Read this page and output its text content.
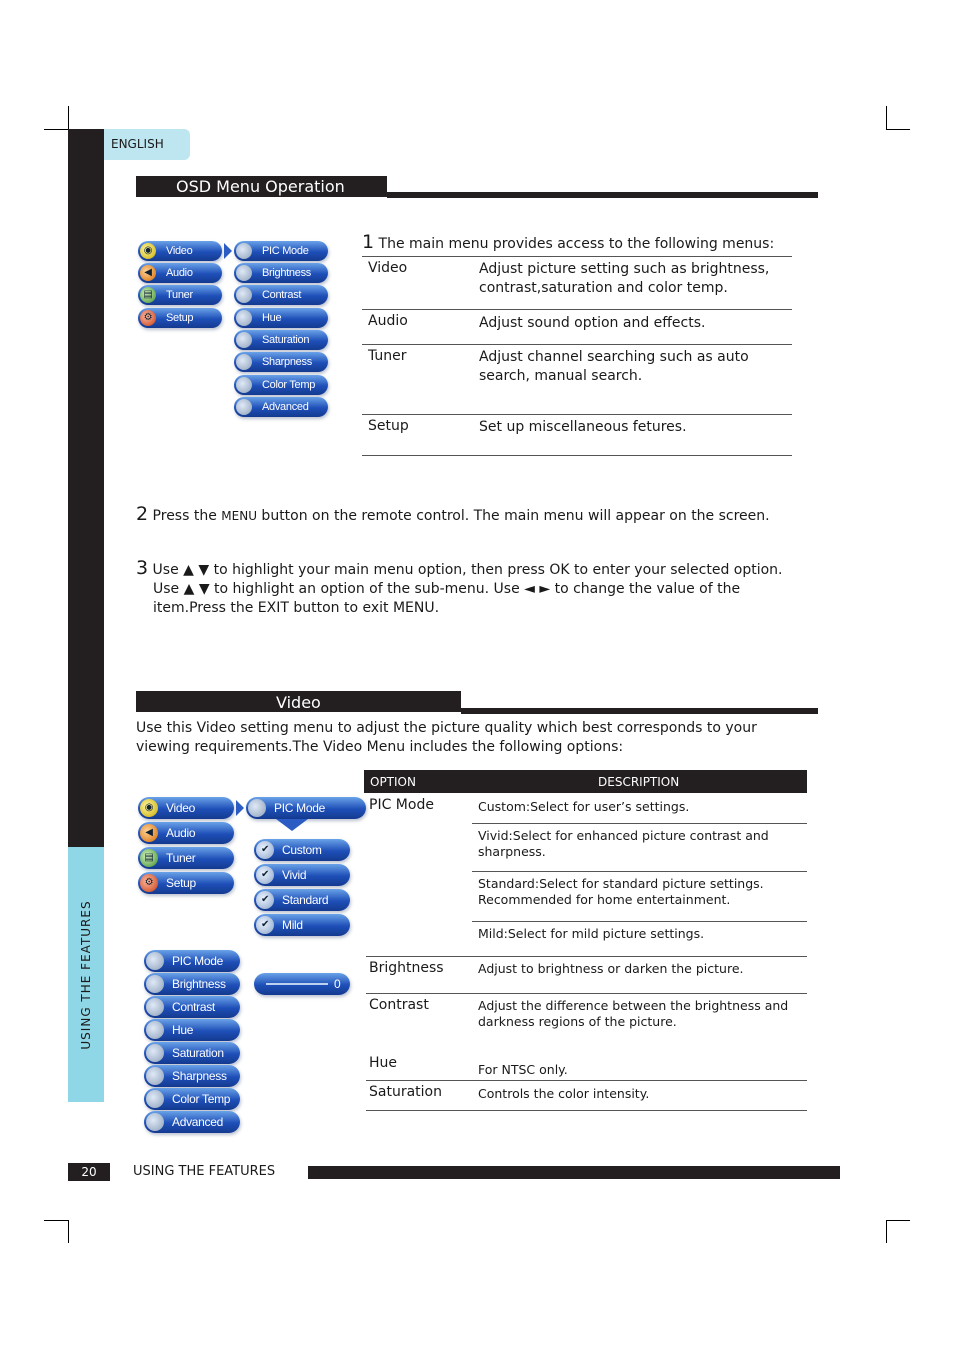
USING THE FEATURES
ENGLISH
OSD Menu Operation
◉	Video
◀	Audio
▤	Tuner
⚙	Setup
PIC Mode
Brightness
Contrast
Hue
Saturation
Sharpness
Color Temp
Advanced
1 The main menu provides access to the following menus:
Video	Adjust picture setting such as brightness, contrast,saturation and color temp.
Audio	Adjust sound option and effects.
Tuner	Adjust channel searching such as auto search, manual search.
Setup	Set up miscellaneous fetures.
2 Press the MENU button on the remote control. The main menu will appear on the screen.
3 Use ▲ ▼ to highlight your main menu option, then press OK to enter your selected option.
Use ▲ ▼ to highlight an option of the sub-menu. Use ◄ ► to change the value of the
item.Press the EXIT button to exit MENU.
Video
Use this Video setting menu to adjust the picture quality which best corresponds to your
viewing requirements.The Video Menu includes the following options:
◉	Video
◀	Audio
▤	Tuner
⚙	Setup
PIC Mode
✔	Custom
✔	Vivid
✔	Standard
✔	Mild
PIC Mode
Brightness
Contrast
Hue
Saturation
Sharpness
Color Temp
Advanced
0
OPTION	DESCRIPTION
PIC Mode	Custom:Select for user’s settings.
Vivid:Select for enhanced picture contrast and sharpness.
Standard:Select for standard picture settings. Recommended for home entertainment.
Mild:Select for mild picture settings.
Brightness	Adjust to brightness or darken the picture.
Contrast	Adjust the difference between the brightness and darkness regions of the picture.
Hue	For NTSC only.
Saturation	Controls the color intensity.
20	USING THE FEATURES
